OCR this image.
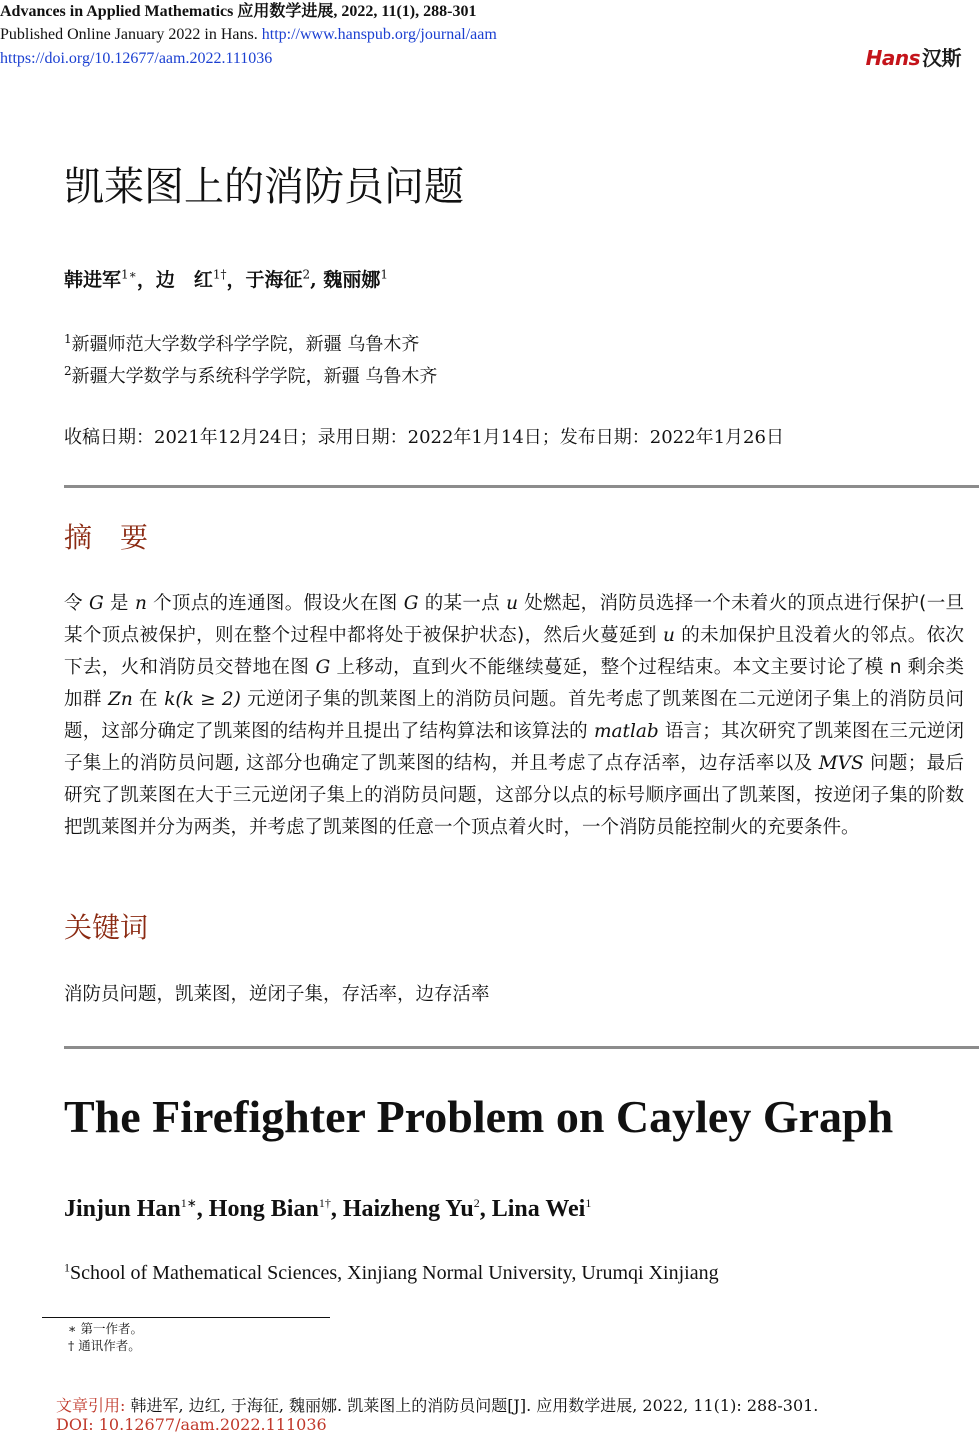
Advances in Applied Mathematics 应用数学进展, 2022, 11(1), 288-301
Published Online January 2022 in Hans. http://www.hanspub.org/journal/aam
https://doi.org/10.12677/aam.2022.111036	Hans 汉斯
凯莱图上的消防员问题
韩进军$^{1∗}$，边　红$^{1\dagger}$，于海征$^2$, 魏丽娜$^1$
$^1$新疆师范大学数学科学学院，新疆 乌鲁木齐
$^2$新疆大学数学与系统科学学院，新疆 乌鲁木齐
收稿日期：2021年12月24日；录用日期：2022年1月14日；发布日期：2022年1月26日
摘　要
令 G 是 n 个顶点的连通图。假设火在图 G 的某一点 u 处燃起，消防员选择一个未着火的顶点进行保护(一旦某个顶点被保护，则在整个过程中都将处于被保护状态)，然后火蔓延到 u 的未加保护且没着火的邻点。依次下去，火和消防员交替地在图 G 上移动，直到火不能继续蔓延，整个过程结束。本文主要讨论了模 n 剩余类加群 Zn 在 k(k ≥ 2) 元逆闭子集的凯莱图上的消防员问题。首先考虑了凯莱图在二元逆闭子集上的消防员问题，这部分确定了凯莱图的结构并且提出了结构算法和该算法的 matlab 语言；其次研究了凯莱图在三元逆闭子集上的消防员问题, 这部分也确定了凯莱图的结构，并且考虑了点存活率，边存活率以及 MVS 问题；最后研究了凯莱图在大于三元逆闭子集上的消防员问题，这部分以点的标号顺序画出了凯莱图，按逆闭子集的阶数把凯莱图并分为两类，并考虑了凯莱图的任意一个顶点着火时，一个消防员能控制火的充要条件。
关键词
消防员问题，凯莱图，逆闭子集，存活率，边存活率
The Firefighter Problem on Cayley Graph
Jinjun Han$^{1∗}$, Hong Bian$^{1\dagger}$, Haizheng Yu$^2$, Lina Wei$^1$
$^1$School of Mathematical Sciences, Xinjiang Normal University, Urumqi Xinjiang
∗ 第一作者。
† 通讯作者。
文章引用: 韩进军, 边红, 于海征, 魏丽娜. 凯莱图上的消防员问题[J]. 应用数学进展, 2022, 11(1): 288-301.
DOI: 10.12677/aam.2022.111036
